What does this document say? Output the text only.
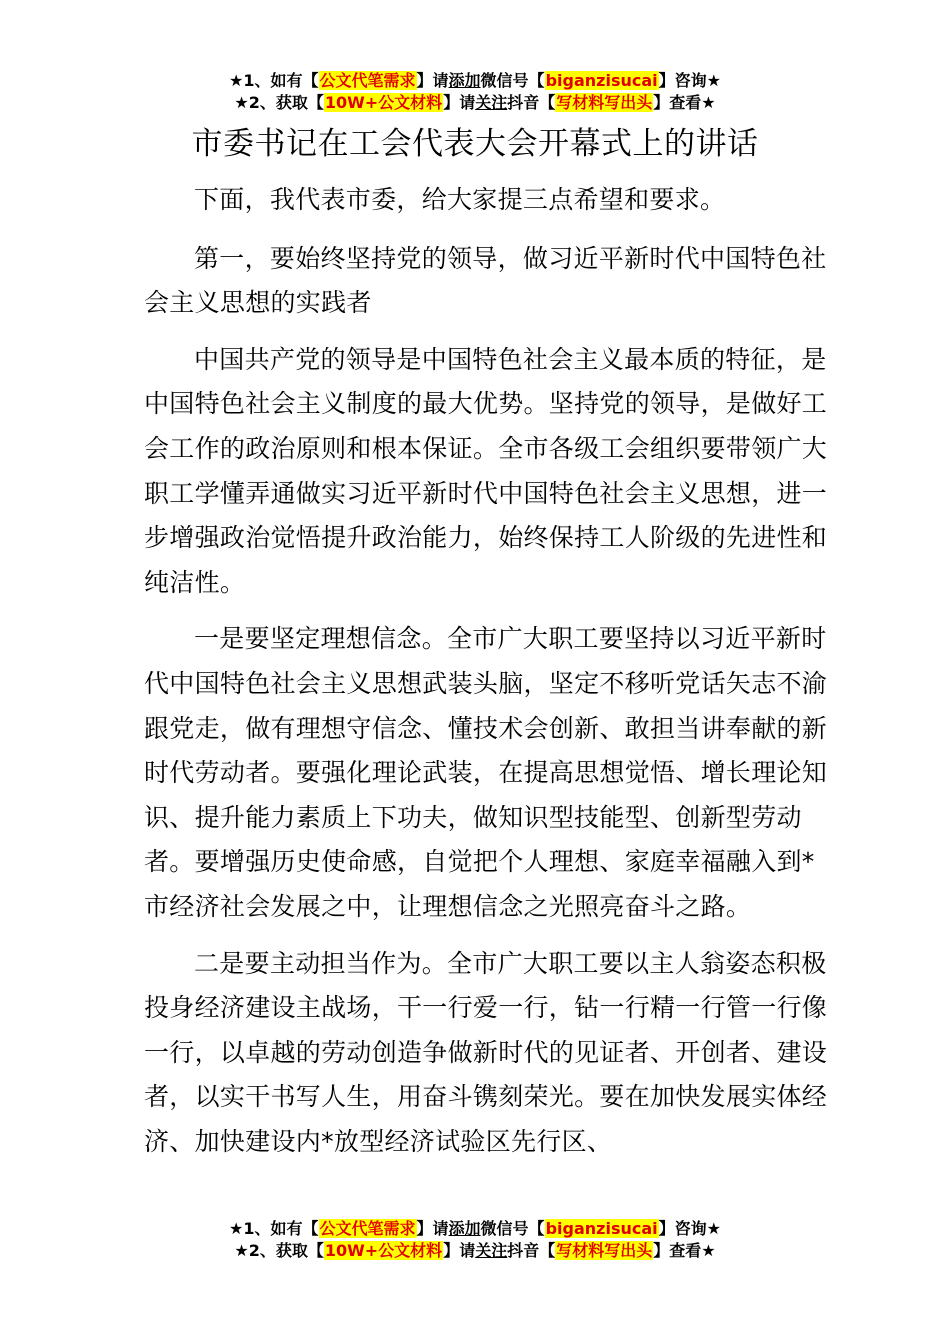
★1、如有【公文代笔需求】请添加微信号【biganzisucai】咨询★
★2、获取【10W+公文材料】请关注抖音【写材料写出头】查看★
市委书记在工会代表大会开幕式上的讲话

下面，我代表市委，给大家提三点希望和要求。

第一，要始终坚持党的领导，做习近平新时代中国特色社会主义思想的实践者

中国共产党的领导是中国特色社会主义最本质的特征，是中国特色社会主义制度的最大优势。坚持党的领导，是做好工会工作的政治原则和根本保证。全市各级工会组织要带领广大职工学懂弄通做实习近平新时代中国特色社会主义思想，进一步增强政治觉悟提升政治能力，始终保持工人阶级的先进性和纯洁性。

一是要坚定理想信念。全市广大职工要坚持以习近平新时代中国特色社会主义思想武装头脑，坚定不移听党话矢志不渝跟党走，做有理想守信念、懂技术会创新、敢担当讲奉献的新时代劳动者。要强化理论武装，在提高思想觉悟、增长理论知识、提升能力素质上下功夫，做知识型技能型、创新型劳动者。要增强历史使命感，自觉把个人理想、家庭幸福融入到*市经济社会发展之中，让理想信念之光照亮奋斗之路。

二是要主动担当作为。全市广大职工要以主人翁姿态积极投身经济建设主战场，干一行爱一行，钻一行精一行管一行像一行，以卓越的劳动创造争做新时代的见证者、开创者、建设者，以实干书写人生，用奋斗镌刻荣光。要在加快发展实体经济、加快建设内*放型经济试验区先行区、

★1、如有【公文代笔需求】请添加微信号【biganzisucai】咨询★
★2、获取【10W+公文材料】请关注抖音【写材料写出头】查看★
